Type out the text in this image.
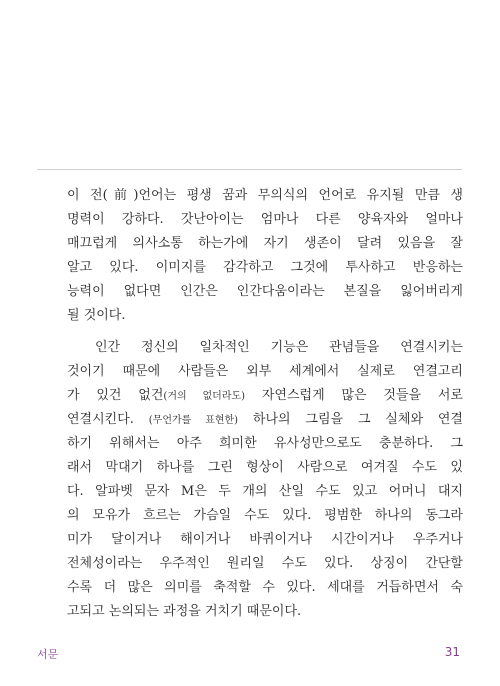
이 전(前)언어는 평생 꿈과 무의식의 언어로 유지될 만큼 생
명력이 강하다. 갓난아이는 엄마나 다른 양육자와 얼마나
매끄럽게 의사소통 하는가에 자기 생존이 달려 있음을 잘
알고 있다. 이미지를 감각하고 그것에 투사하고 반응하는
능력이 없다면 인간은 인간다움이라는 본질을 잃어버리게
될 것이다.
인간 정신의 일차적인 기능은 관념들을 연결시키는
것이기 때문에 사람들은 외부 세계에서 실제로 연결고리
가 있건 없건(거의 없더라도) 자연스럽게 많은 것들을 서로
연결시킨다. (무언가를 표현한) 하나의 그림을 그 실체와 연결
하기 위해서는 아주 희미한 유사성만으로도 충분하다. 그
래서 막대기 하나를 그린 형상이 사람으로 여겨질 수도 있
다. 알파벳 문자 M은 두 개의 산일 수도 있고 어머니 대지
의 모유가 흐르는 가슴일 수도 있다. 평범한 하나의 동그라
미가 달이거나 해이거나 바퀴이거나 시간이거나 우주거나
전체성이라는 우주적인 원리일 수도 있다. 상징이 간단할
수록 더 많은 의미를 축적할 수 있다. 세대를 거듭하면서 숙
고되고 논의되는 과정을 거치기 때문이다.
서문	31
